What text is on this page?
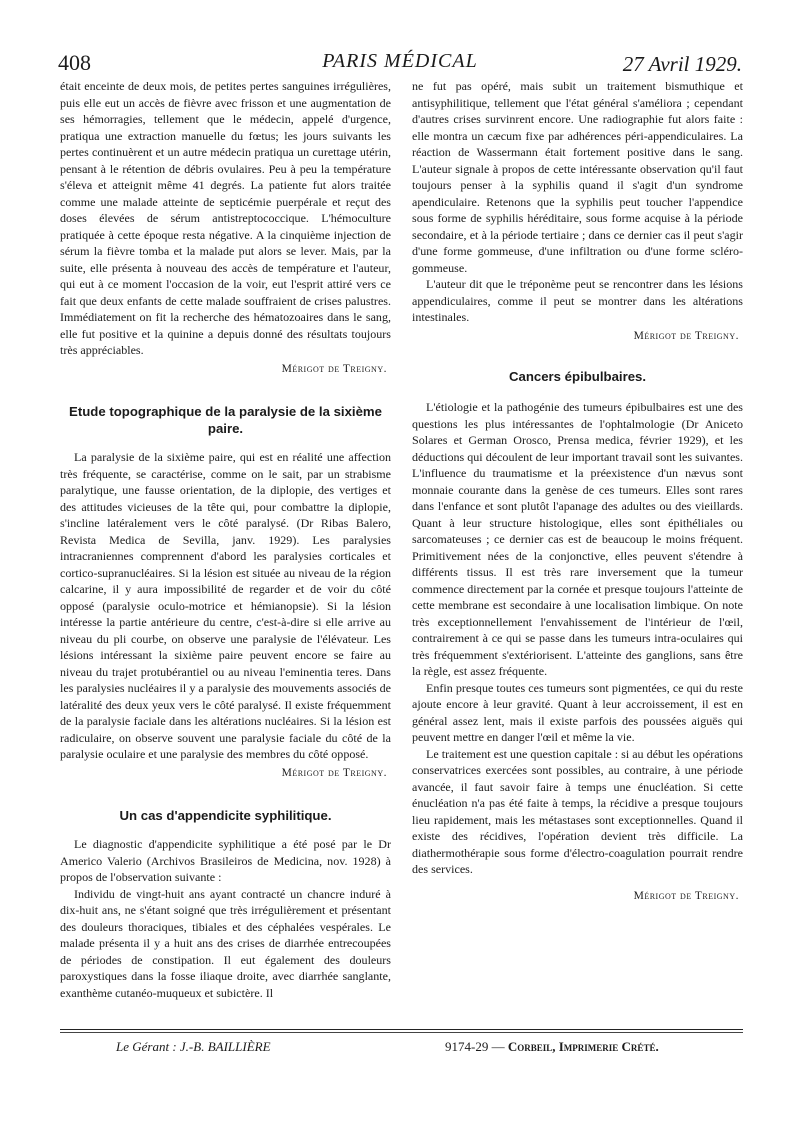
408	PARIS MÉDICAL	27 Avril 1929.

était enceinte de deux mois, de petites pertes sanguines irrégulières, puis elle eut un accès de fièvre avec frisson et une augmentation de ses hémorragies, tellement que le médecin, appelé d'urgence, pratiqua une extraction manuelle du fœtus; les jours suivants les pertes continuèrent et un autre médecin pratiqua un curettage utérin, pensant à le rétention de débris ovulaires. Peu à peu la température s'éleva et atteignit même 41 degrés. La patiente fut alors traitée comme une malade atteinte de septicémie puerpérale et reçut des doses élevées de sérum antistreptococcique. L'hémoculture pratiquée à cette époque resta négative. A la cinquième injection de sérum la fièvre tomba et la malade put alors se lever. Mais, par la suite, elle présenta à nouveau des accès de température et l'auteur, qui eut à ce moment l'occasion de la voir, eut l'esprit attiré vers ce fait que deux enfants de cette malade souffraient de crises palustres. Immédiatement on fit la recherche des hématozoaires dans le sang, elle fut positive et la quinine a depuis donné des résultats toujours très appréciables.

Mérigot de Treigny.
Etude topographique de la paralysie de la sixième paire.

La paralysie de la sixième paire, qui est en réalité une affection très fréquente, se caractérise, comme on le sait, par un strabisme paralytique, une fausse orientation, de la diplopie, des vertiges et des attitudes vicieuses de la tête qui, pour combattre la diplopie, s'incline latéralement vers le côté paralysé. (Dr Ribas Balero, Revista Medica de Sevilla, janv. 1929). Les paralysies intracraniennes comprennent d'abord les paralysies corticales et cortico-supranucléaires. Si la lésion est située au niveau de la région calcarine, il y aura impossibilité de regarder et de voir du côté opposé (paralysie oculo-motrice et hémianopsie). Si la lésion intéresse la partie antérieure du centre, c'est-à-dire si elle arrive au niveau du pli courbe, on observe une paralysie de l'élévateur. Les lésions intéressant la sixième paire peuvent encore se faire au niveau du trajet protubérantiel ou au niveau l'eminentia teres. Dans les paralysies nucléaires il y a paralysie des mouvements associés de latéralité des deux yeux vers le côté paralysé. Il existe fréquemment de la paralysie faciale dans les altérations nucléaires. Si la lésion est radiculaire, on observe souvent une paralysie faciale du côté de la paralysie oculaire et une paralysie des membres du côté opposé.

Mérigot de Treigny.
Un cas d'appendicite syphilitique.

Le diagnostic d'appendicite syphilitique a été posé par le Dr Americo Valerio (Archivos Brasileiros de Medicina, nov. 1928) à propos de l'observation suivante :

Individu de vingt-huit ans ayant contracté un chancre induré à dix-huit ans, ne s'étant soigné que très irrégulièrement et présentant des douleurs thoraciques, tibiales et des céphalées vespérales. Le malade présenta il y a huit ans des crises de diarrhée entrecoupées de périodes de constipation. Il eut également des douleurs paroxystiques dans la fosse iliaque droite, avec diarrhée sanglante, exanthème cutanéo-muqueux et subictère. Il

ne fut pas opéré, mais subit un traitement bismuthique et antisyphilitique, tellement que l'état général s'améliora ; cependant d'autres crises survinrent encore. Une radiographie fut alors faite : elle montra un cæcum fixe par adhérences péri-appendiculaires. La réaction de Wassermann était fortement positive dans le sang. L'auteur signale à propos de cette intéressante observation qu'il faut toujours penser à la syphilis quand il s'agit d'un syndrome apendiculaire. Retenons que la syphilis peut toucher l'appendice sous forme de syphilis héréditaire, sous forme acquise à la période secondaire, et à la période tertiaire ; dans ce dernier cas il peut s'agir d'une forme gommeuse, d'une infiltration ou d'une forme scléro-gommeuse.

L'auteur dit que le tréponème peut se rencontrer dans les lésions appendiculaires, comme il peut se montrer dans les altérations intestinales.

Mérigot de Treigny.
Cancers épibulbaires.

L'étiologie et la pathogénie des tumeurs épibulbaires est une des questions les plus intéressantes de l'ophtalmologie (Dr Aniceto Solares et German Orosco, Prensa medica, février 1929), et les déductions qui découlent de leur important travail sont les suivantes. L'influence du traumatisme et la préexistence d'un nævus sont monnaie courante dans la genèse de ces tumeurs. Elles sont rares dans l'enfance et sont plutôt l'apanage des adultes ou des vieillards. Quant à leur structure histologique, elles sont épithéliales ou sarcomateuses ; ce dernier cas est de beaucoup le moins fréquent. Primitivement nées de la conjonctive, elles peuvent s'étendre à différents tissus. Il est très rare inversement que la tumeur commence directement par la cornée et presque toujours l'atteinte de cette membrane est secondaire à une localisation limbique. On note très exceptionnellement l'envahissement de l'intérieur de l'œil, contrairement à ce qui se passe dans les tumeurs intra-oculaires qui très fréquemment s'extériorisent. L'atteinte des ganglions, sans être la règle, est assez fréquente.

Enfin presque toutes ces tumeurs sont pigmentées, ce qui du reste ajoute encore à leur gravité. Quant à leur accroissement, il est en général assez lent, mais il existe parfois des poussées aiguës qui peuvent mettre en danger l'œil et même la vie.

Le traitement est une question capitale : si au début les opérations conservatrices exercées sont possibles, au contraire, à une période avancée, il faut savoir faire à temps une énucléation. Si cette énucléation n'a pas été faite à temps, la récidive a presque toujours lieu rapidement, mais les métastases sont exceptionnelles. Quand il existe des récidives, l'opération devient très difficile. La diathermothérapie sous forme d'électro-coagulation pourrait rendre des services.

Mérigot de Treigny.
Le Gérant : J.-B. BAILLIÈRE	9174-29 — Corbeil, Imprimerie Crété.
